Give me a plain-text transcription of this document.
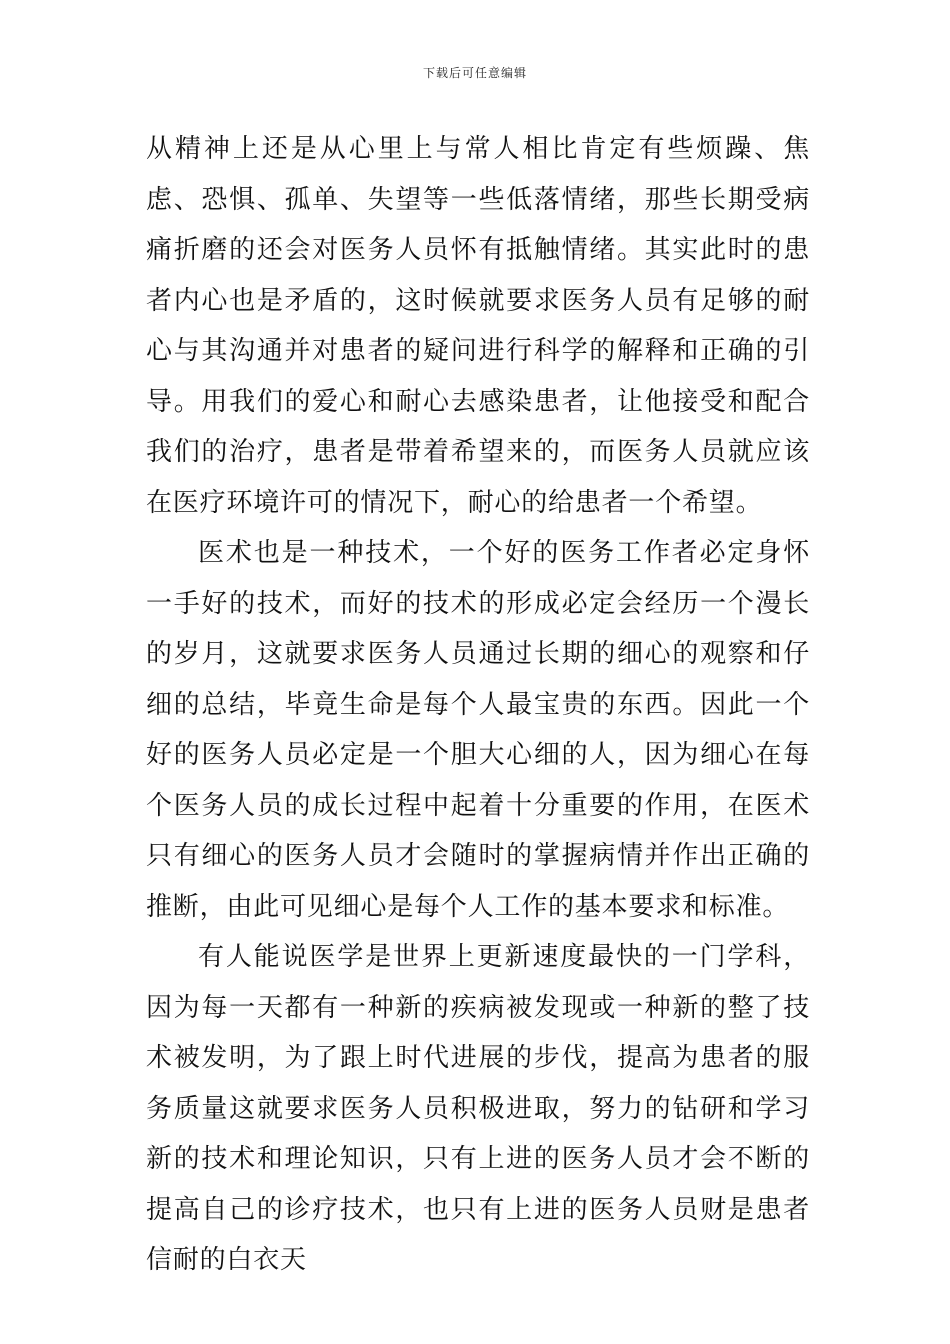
下载后可任意编辑

从精神上还是从心里上与常人相比肯定有些烦躁、焦虑、恐惧、孤单、失望等一些低落情绪，那些长期受病痛折磨的还会对医务人员怀有抵触情绪。其实此时的患者内心也是矛盾的，这时候就要求医务人员有足够的耐心与其沟通并对患者的疑问进行科学的解释和正确的引导。用我们的爱心和耐心去感染患者，让他接受和配合我们的治疗，患者是带着希望来的，而医务人员就应该在医疗环境许可的情况下，耐心的给患者一个希望。

医术也是一种技术，一个好的医务工作者必定身怀一手好的技术，而好的技术的形成必定会经历一个漫长的岁月，这就要求医务人员通过长期的细心的观察和仔细的总结，毕竟生命是每个人最宝贵的东西。因此一个好的医务人员必定是一个胆大心细的人，因为细心在每个医务人员的成长过程中起着十分重要的作用，在医术只有细心的医务人员才会随时的掌握病情并作出正确的推断，由此可见细心是每个人工作的基本要求和标准。

有人能说医学是世界上更新速度最快的一门学科，因为每一天都有一种新的疾病被发现或一种新的整了技术被发明，为了跟上时代进展的步伐，提高为患者的服务质量这就要求医务人员积极进取，努力的钻研和学习新的技术和理论知识，只有上进的医务人员才会不断的提高自己的诊疗技术，也只有上进的医务人员财是患者信耐的白衣天
